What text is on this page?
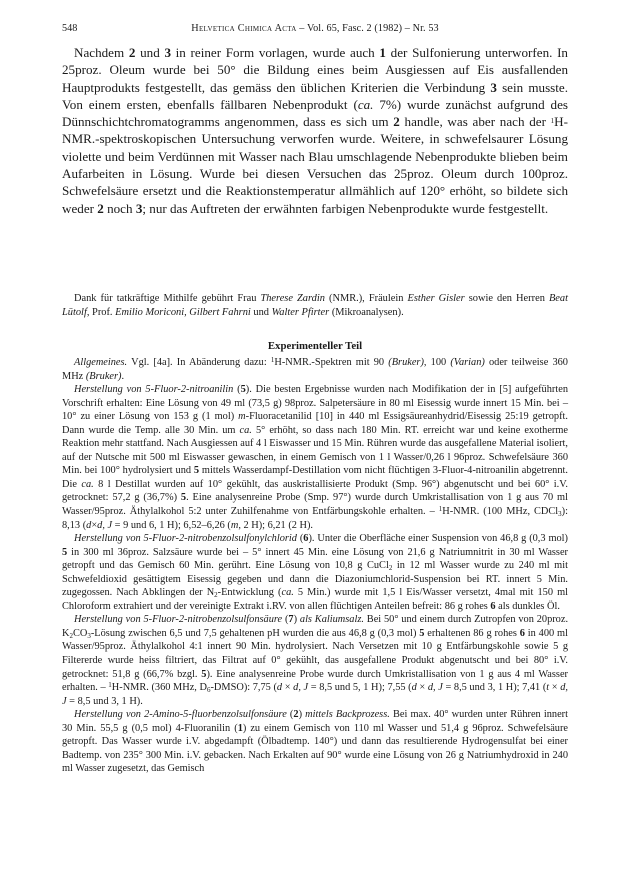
548	Helvetica Chimica Acta – Vol. 65, Fasc. 2 (1982) – Nr. 53

Nachdem 2 und 3 in reiner Form vorlagen, wurde auch 1 der Sulfonierung unterworfen. In 25proz. Oleum wurde bei 50° die Bildung eines beim Ausgiessen auf Eis ausfallenden Hauptprodukts festgestellt, das gemäss den üblichen Kriterien die Verbindung 3 sein musste. Von einem ersten, ebenfalls fällbaren Nebenprodukt (ca. 7%) wurde zunächst aufgrund des Dünnschichtchromatogramms angenommen, dass es sich um 2 handle, was aber nach der $^1$H-NMR.-spektroskopischen Untersuchung verworfen wurde. Weitere, in schwefelsaurer Lösung violette und beim Verdünnen mit Wasser nach Blau umschlagende Nebenprodukte blieben beim Aufarbeiten in Lösung. Wurde bei diesen Versuchen das 25proz. Oleum durch 100proz. Schwefelsäure ersetzt und die Reaktionstemperatur allmählich auf 120° erhöht, so bildete sich weder 2 noch 3; nur das Auftreten der erwähnten farbigen Nebenprodukte wurde festgestellt.

Dank für tatkräftige Mithilfe gebührt Frau Therese Zardin (NMR.), Fräulein Esther Gisler sowie den Herren Beat Lütolf, Prof. Emilio Moriconi, Gilbert Fahrni und Walter Pfirter (Mikroanalysen).

Experimenteller Teil

Allgemeines. Vgl. [4a]. In Abänderung dazu: $^1$H-NMR.-Spektren mit 90 (Bruker), 100 (Varian) oder teilweise 360 MHz (Bruker).

Herstellung von 5-Fluor-2-nitroanilin (5). Die besten Ergebnisse wurden nach Modifikation der in [5] aufgeführten Vorschrift erhalten: Eine Lösung von 49 ml (73,5 g) 98proz. Salpetersäure in 80 ml Eisessig wurde innert 15 Min. bei – 10° zu einer Lösung von 153 g (1 mol) m-Fluoracetanilid [10] in 440 ml Essigsäureanhydrid/Eisessig 25:19 getropft. Dann wurde die Temp. alle 30 Min. um ca. 5° erhöht, so dass nach 180 Min. RT. erreicht war und keine exotherme Reaktion mehr stattfand. Nach Ausgiessen auf 4 l Eiswasser und 15 Min. Rühren wurde das ausgefallene Material isoliert, auf der Nutsche mit 500 ml Eiswasser gewaschen, in einem Gemisch von 1 l Wasser/0,26 l 96proz. Schwefelsäure 360 Min. bei 100° hydrolysiert und 5 mittels Wasserdampf-Destillation vom nicht flüchtigen 3-Fluor-4-nitroanilin abgetrennt. Die ca. 8 l Destillat wurden auf 10° gekühlt, das auskristallisierte Produkt (Smp. 96°) abgenutscht und bei 60° i.V. getrocknet: 57,2 g (36,7%) 5. Eine analysenreine Probe (Smp. 97°) wurde durch Umkristallisation von 1 g aus 70 ml Wasser/95proz. Äthylalkohol 5:2 unter Zuhilfenahme von Entfärbungskohle erhalten. – $^1$H-NMR. (100 MHz, CDCl$_3$): 8,13 (d×d, J = 9 und 6, 1 H); 6,52–6,26 (m, 2 H); 6,21 (2 H).

Herstellung von 5-Fluor-2-nitrobenzolsulfonylchlorid (6). Unter die Oberfläche einer Suspension von 46,8 g (0,3 mol) 5 in 300 ml 36proz. Salzsäure wurde bei – 5° innert 45 Min. eine Lösung von 21,6 g Natriumnitrit in 30 ml Wasser getropft und das Gemisch 60 Min. gerührt. Eine Lösung von 10,8 g CuCl$_2$ in 12 ml Wasser wurde zu 240 ml mit Schwefeldioxid gesättigtem Eisessig gegeben und dann die Diazoniumchlorid-Suspension bei RT. innert 5 Min. zugegossen. Nach Abklingen der $N_2$-Entwicklung (ca. 5 Min.) wurde mit 1,5 l Eis/Wasser versetzt, 4mal mit 150 ml Chloroform extrahiert und der vereinigte Extrakt i.RV. von allen flüchtigen Anteilen befreit: 86 g rohes 6 als dunkles Öl.

Herstellung von 5-Fluor-2-nitrobenzolsulfonsäure (7) als Kaliumsalz. Bei 50° und einem durch Zutropfen von 20proz. $K_2CO_3$-Lösung zwischen 6,5 und 7,5 gehaltenen pH wurden die aus 46,8 g (0,3 mol) 5 erhaltenen 86 g rohes 6 in 400 ml Wasser/95proz. Äthylalkohol 4:1 innert 90 Min. hydrolysiert. Nach Versetzen mit 10 g Entfärbungskohle sowie 5 g Filtererde wurde heiss filtriert, das Filtrat auf 0° gekühlt, das ausgefallene Produkt abgenutscht und bei 80° i.V. getrocknet: 51,8 g (66,7% bzgl. 5). Eine analysenreine Probe wurde durch Umkristallisation von 1 g aus 4 ml Wasser erhalten. – $^1$H-NMR. (360 MHz, $D_6-DMSO$): 7,75 (d × d, J = 8,5 und 5, 1 H); 7,55 (d × d, J = 8,5 und 3, 1 H); 7,41 (t × d, J = 8,5 und 3, 1 H).

Herstellung von 2-Amino-5-fluorbenzolsulfonsäure (2) mittels Backprozess. Bei max. 40° wurden unter Rühren innert 30 Min. 55,5 g (0,5 mol) 4-Fluoranilin (1) zu einem Gemisch von 110 ml Wasser und 51,4 g 96proz. Schwefelsäure getropft. Das Wasser wurde i.V. abgedampft (Ölbadtemp. 140°) und dann das resultierende Hydrogensulfat bei einer Badtemp. von 235° 300 Min. i.V. gebacken. Nach Erkalten auf 90° wurde eine Lösung von 26 g Natriumhydroxid in 240 ml Wasser zugesetzt, das Gemisch
